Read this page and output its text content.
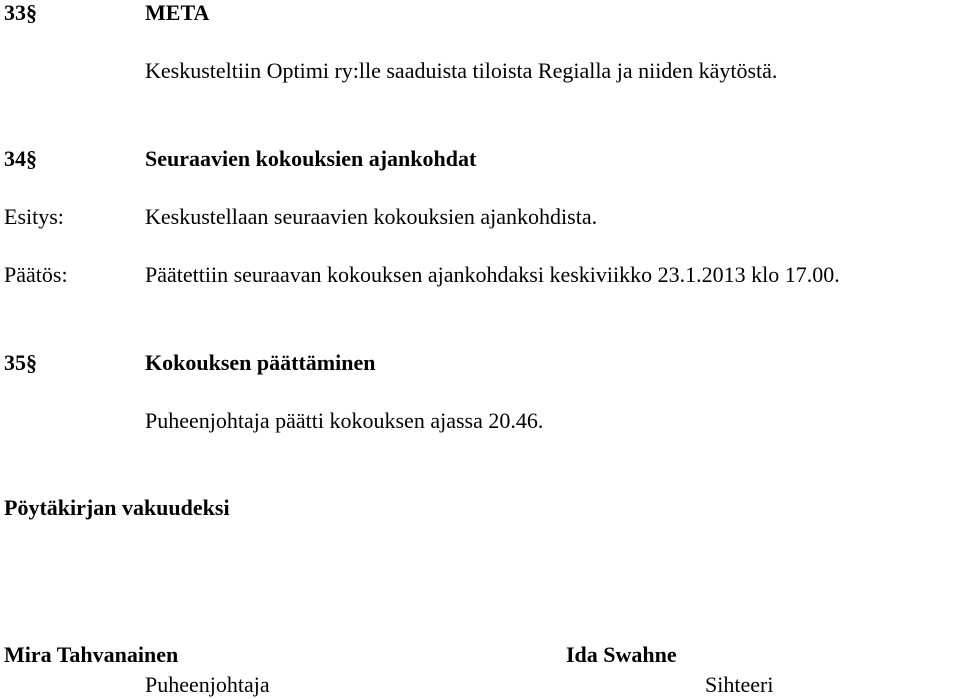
33§	META
Keskusteltiin Optimi ry:lle saaduista tiloista Regialla ja niiden käytöstä.
34§	Seuraavien kokouksien ajankohdat
Esitys:	Keskustellaan seuraavien kokouksien ajankohdista.
Päätös:	Päätettiin seuraavan kokouksen ajankohdaksi keskiviikko 23.1.2013 klo 17.00.
35§	Kokouksen päättäminen
Puheenjohtaja päätti kokouksen ajassa 20.46.
Pöytäkirjan vakuudeksi
Mira Tahvanainen
Puheenjohtaja
Ida Swahne
Sihteeri
